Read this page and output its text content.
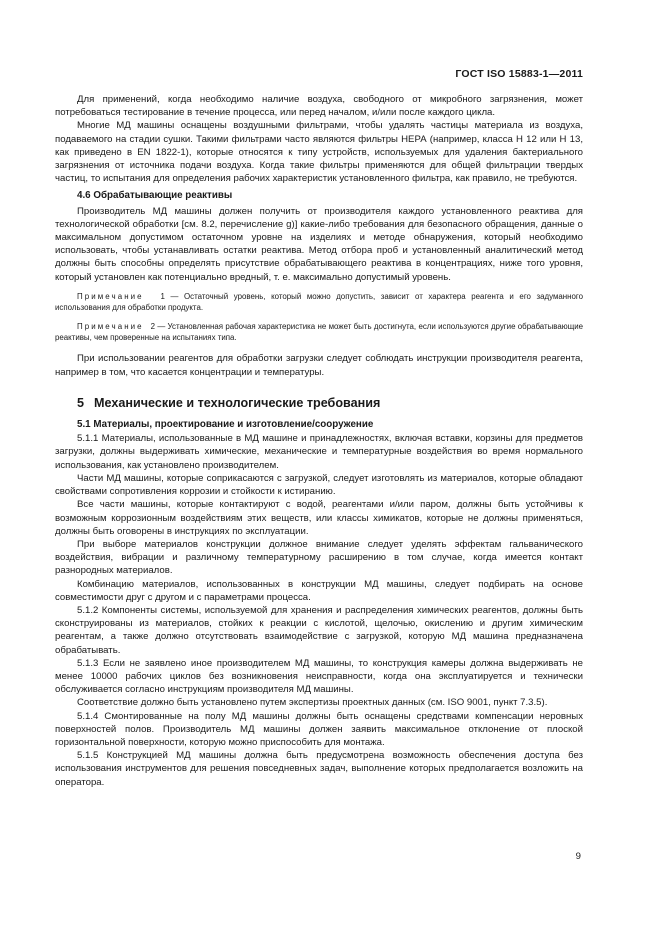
ГОСТ ISO 15883-1—2011

Для применений, когда необходимо наличие воздуха, свободного от микробного загрязнения, может потребоваться тестирование в течение процесса, или перед началом, и/или после каждого цикла.

Многие МД машины оснащены воздушными фильтрами, чтобы удалять частицы материала из воздуха, подаваемого на стадии сушки. Такими фильтрами часто являются фильтры НЕРА (например, класса Н 12 или Н 13, как приведено в EN 1822-1), которые относятся к типу устройств, используемых для удаления бактериального загрязнения от источника подачи воздуха. Когда такие фильтры применяются для общей фильтрации твердых частиц, то испытания для определения рабочих характеристик установленного фильтра, как правило, не требуются.

4.6 Обрабатывающие реактивы

Производитель МД машины должен получить от производителя каждого установленного реактива для технологической обработки [см. 8.2, перечисление g)] какие-либо требования для безопасного обращения, данные о максимальном допустимом остаточном уровне на изделиях и методе обнаружения, который необходимо использовать, чтобы устанавливать остатки реактива. Метод отбора проб и установленный аналитический метод должны быть способны определять присутствие обрабатывающего реактива в концентрациях, ниже того уровня, который установлен как потенциально вредный, т. е. максимально допустимый уровень.

Примечание 1 — Остаточный уровень, который можно допустить, зависит от характера реагента и его задуманного использования для обработки продукта.

Примечание 2 — Установленная рабочая характеристика не может быть достигнута, если используются другие обрабатывающие реактивы, чем проверенные на испытаниях типа.

При использовании реагентов для обработки загрузки следует соблюдать инструкции производителя реагента, например в том, что касается концентрации и температуры.

5 Механические и технологические требования
5.1 Материалы, проектирование и изготовление/сооружение

5.1.1 Материалы, использованные в МД машине и принадлежностях, включая вставки, корзины для предметов загрузки, должны выдерживать химические, механические и температурные воздействия во время нормального использования, как установлено производителем.

Части МД машины, которые соприкасаются с загрузкой, следует изготовлять из материалов, которые обладают свойствами сопротивления коррозии и стойкости к истиранию.

Все части машины, которые контактируют с водой, реагентами и/или паром, должны быть устойчивы к возможным коррозионным воздействиям этих веществ, или классы химикатов, которые не должны применяться, должны быть оговорены в инструкциях по эксплуатации.

При выборе материалов конструкции должное внимание следует уделять эффектам гальванического воздействия, вибрации и различному температурному расширению в том случае, когда имеется контакт разнородных материалов.

Комбинацию материалов, использованных в конструкции МД машины, следует подбирать на основе совместимости друг с другом и с параметрами процесса.

5.1.2 Компоненты системы, используемой для хранения и распределения химических реагентов, должны быть сконструированы из материалов, стойких к реакции с кислотой, щелочью, окислению и другим химическим реагентам, а также должно отсутствовать взаимодействие с загрузкой, которую МД машина предназначена обрабатывать.

5.1.3 Если не заявлено иное производителем МД машины, то конструкция камеры должна выдерживать не менее 10000 рабочих циклов без возникновения неисправности, когда она эксплуатируется и технически обслуживается согласно инструкциям производителя МД машины.

Соответствие должно быть установлено путем экспертизы проектных данных (см. ISO 9001, пункт 7.3.5).

5.1.4 Смонтированные на полу МД машины должны быть оснащены средствами компенсации неровных поверхностей полов. Производитель МД машины должен заявить максимальное отклонение от плоской горизонтальной поверхности, которую можно приспособить для монтажа.

5.1.5 Конструкцией МД машины должна быть предусмотрена возможность обеспечения доступа без использования инструментов для решения повседневных задач, выполнение которых предполагается возложить на оператора.

9
